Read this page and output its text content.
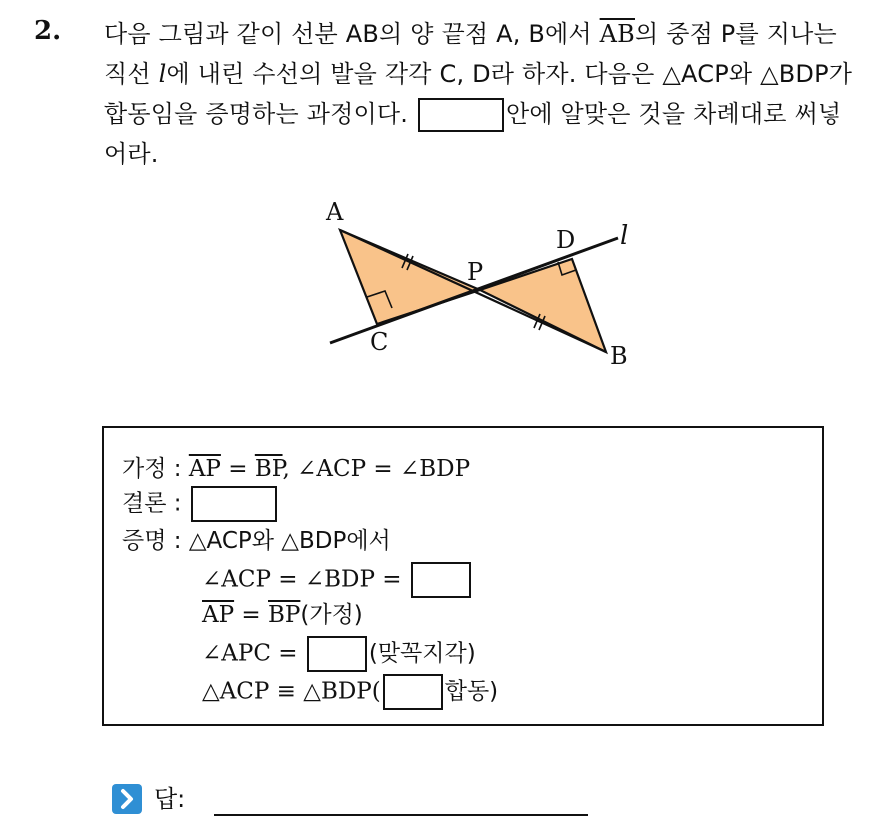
2. 다음 그림과 같이 선분 AB의 양 끝점 A, B에서 $\overline{AB}$의 중점 P를 지나는 직선 l에 내린 수선의 발을 각각 C, D라 하자. 다음은 △ACP와 △BDP가 합동임을 증명하는 과정이다.	안에 알맞은 것을 차례대로 써넣어라.
A
C
P
D
B
l
가정 : $\overline{AP} = \overline{BP}$, ∠ACP = ∠BDP
결론 :
증명 : △ACP와 △BDP에서
∠ACP = ∠BDP =
$\overline{AP} = \overline{BP}$(가정)
∠APC =	(맞꼭지각)
△ACP ≡ △BDP(	합동)
답:
